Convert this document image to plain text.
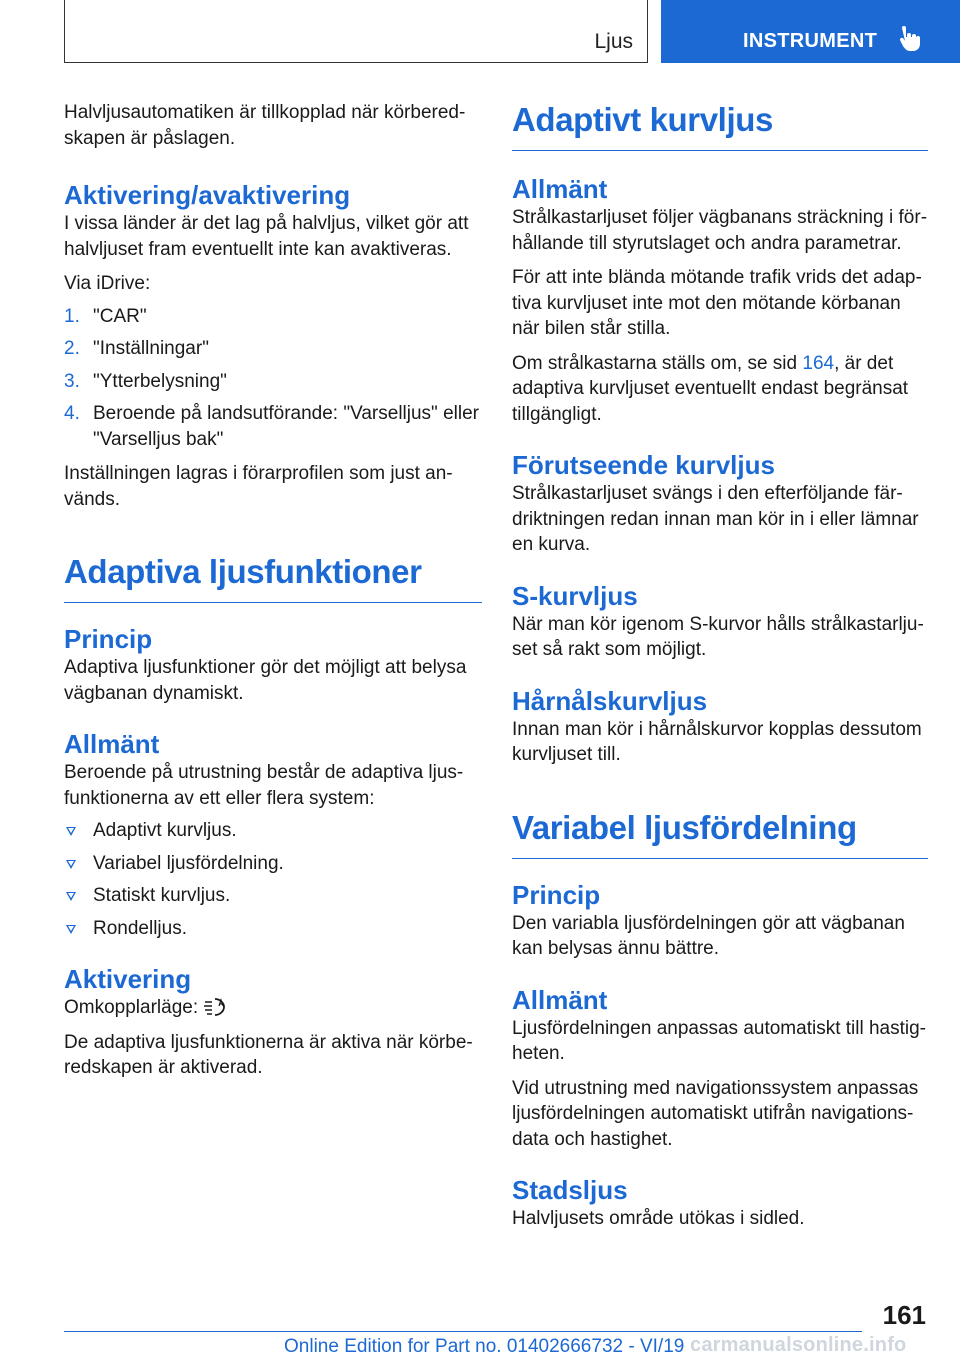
Ljus	INSTRUMENT

Halvljusautomatiken är tillkopplad när körbered-skapen är påslagen.

Aktivering/avaktivering

I vissa länder är det lag på halvljus, vilket gör att halvljuset fram eventuellt inte kan avaktiveras.

Via iDrive:

1. "CAR"
2. "Inställningar"
3. "Ytterbelysning"
4. Beroende på landsutförande: "Varselljus" eller "Varselljus bak"

Inställningen lagras i förarprofilen som just an-vänds.

Adaptiva ljusfunktioner
Princip

Adaptiva ljusfunktioner gör det möjligt att belysa vägbanan dynamiskt.

Allmänt

Beroende på utrustning består de adaptiva ljus-funktionerna av ett eller flera system:

Adaptivt kurvljus.
Variabel ljusfördelning.
Statiskt kurvljus.
Rondelljus.
Aktivering

Omkopplarläge:

De adaptiva ljusfunktionerna är aktiva när körbe-redskapen är aktiverad.

Adaptivt kurvljus
Allmänt

Strålkastarljuset följer vägbanans sträckning i för-hållande till styrutslaget och andra parametrar.

För att inte blända mötande trafik vrids det adap-tiva kurvljuset inte mot den mötande körbanan när bilen står stilla.

Om strålkastarna ställs om, se sid 164, är det adaptiva kurvljuset eventuellt endast begränsat tillgängligt.

Förutseende kurvljus

Strålkastarljuset svängs i den efterföljande fär-driktningen redan innan man kör in i eller lämnar en kurva.

S-kurvljus

När man kör igenom S-kurvor hålls strålkastarlju-set så rakt som möjligt.

Hårnålskurvljus

Innan man kör i hårnålskurvor kopplas dessutom kurvljuset till.

Variabel ljusfördelning
Princip

Den variabla ljusfördelningen gör att vägbanan kan belysas ännu bättre.

Allmänt

Ljusfördelningen anpassas automatiskt till hastig-heten.

Vid utrustning med navigationssystem anpassas ljusfördelningen automatiskt utifrån navigations-data och hastighet.

Stadsljus

Halvljusets område utökas i sidled.

161
Online Edition for Part no. 01402666732 - VI/19 carmanualsonline.info
